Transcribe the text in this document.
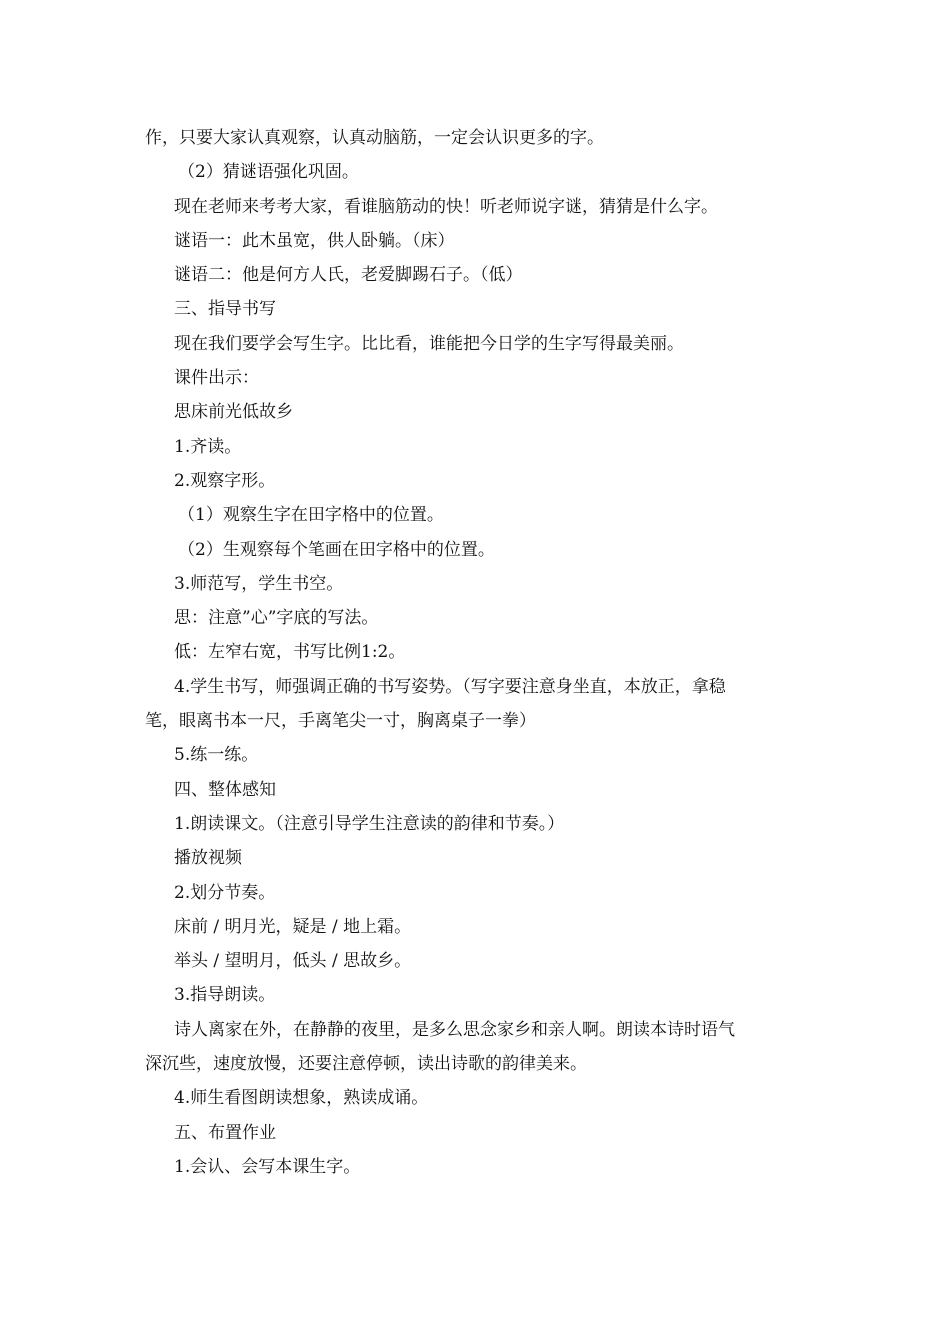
作，只要大家认真观察，认真动脑筋，一定会认识更多的字。
（2）猜谜语强化巩固。
现在老师来考考大家，看谁脑筋动的快！听老师说字谜，猜猜是什么字。
谜语一：此木虽宽，供人卧躺。（床）
谜语二：他是何方人氏，老爱脚踢石子。（低）
三、指导书写
现在我们要学会写生字。比比看，谁能把今日学的生字写得最美丽。
课件出示：
思床前光低故乡
1.齐读。
2.观察字形。
（1）观察生字在田字格中的位置。
（2）生观察每个笔画在田字格中的位置。
3.师范写，学生书空。
思：注意”心”字底的写法。
低：左窄右宽，书写比例1:2。
4.学生书写，师强调正确的书写姿势。（写字要注意身坐直，本放正，拿稳
笔，眼离书本一尺，手离笔尖一寸，胸离桌子一拳）
5.练一练。
四、整体感知
1.朗读课文。（注意引导学生注意读的韵律和节奏。）
播放视频
2.划分节奏。
床前 / 明月光，疑是 / 地上霜。
举头 / 望明月，低头 / 思故乡。
3.指导朗读。
诗人离家在外，在静静的夜里，是多么思念家乡和亲人啊。朗读本诗时语气
深沉些，速度放慢，还要注意停顿，读出诗歌的韵律美来。
4.师生看图朗读想象，熟读成诵。
五、布置作业
1.会认、会写本课生字。
